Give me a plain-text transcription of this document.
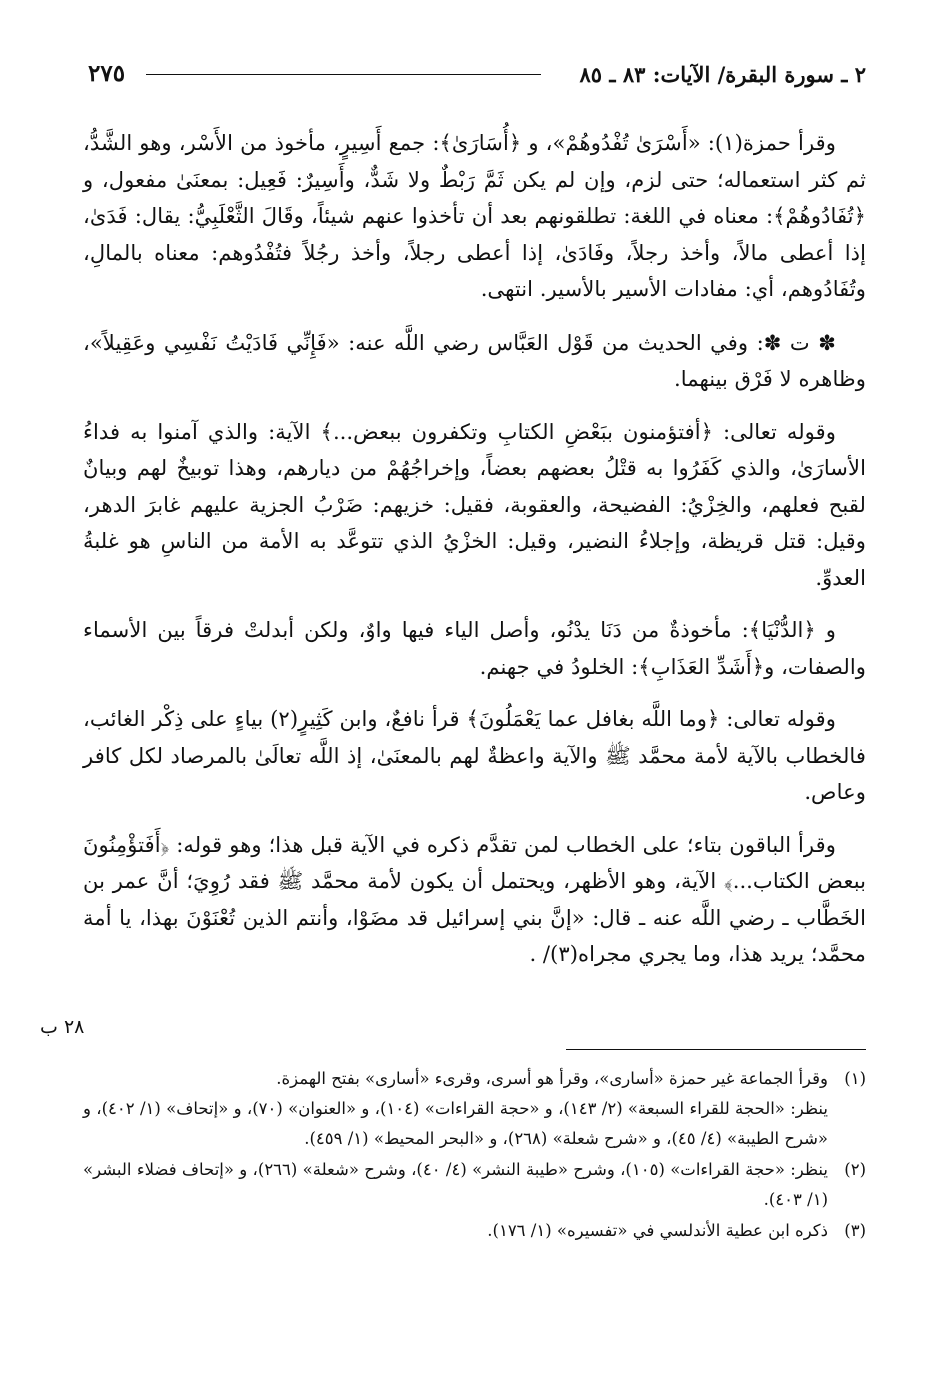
٢ ـ سورة البقرة/ الآيات: ٨٣ ـ ٨٥
٢٧٥

وقرأ حمزة(١): «أَسْرَىٰ تُفْدُوهُمْ»، و ﴿أُسَارَىٰ﴾: جمع أَسِيرٍ، مأخوذ من الأَسْر، وهو الشَّدُّ، ثم كثر استعماله؛ حتى لزم، وإن لم يكن ثَمَّ رَبْطٌ ولا شَدٌّ، وأَسِيرٌ: فَعِيل: بمعنَىٰ مفعول، و ﴿تُفَادُوهُمْ﴾: معناه في اللغة: تطلقونهم بعد أن تأخذوا عنهم شيئاً، وقَالَ الثَّعْلَبِيُّ: يقال: فَدَىٰ، إذا أعطى مالاً، وأخذ رجلاً، وفَادَىٰ، إذا أعطى رجلاً، وأخذ رجُلاً فتُفْدُوهم: معناه بالمالِ، وتُفَادُوهم، أي: مفادات الأسير بالأسير. انتهى.

✽ ت ✽: وفي الحديث من قَوْل العَبَّاس رضي اللَّه عنه: «فَإِنِّي فَادَيْتُ نَفْسِي وعَقِيلاً»، وظاهره لا فَرْق بينهما.

وقوله تعالى: ﴿أفتؤمنون ببَعْضِ الكتابِ وتكفرون ببعض...﴾ الآية: والذي آمنوا به فداءُ الأسارَىٰ، والذي كَفَرُوا به قتْلُ بعضهم بعضاً، وإخراجُهُمْ من ديارهم، وهذا توبيخٌ لهم وبيانٌ لقبح فعلهم، والخِزْيُ: الفضيحة، والعقوبة، فقيل: خزيهم: ضَرْبُ الجزية عليهم غابرَ الدهر، وقيل: قتل قريظة، وإجلاءُ النضير، وقيل: الخزْيُ الذي تتوعَّد به الأمة من الناسِ هو غلبةُ العدوِّ.

و ﴿الدُّنْيَا﴾: مأخوذةٌ من دَنَا يدْنُو، وأصل الياء فيها واوٌ، ولكن أبدلتْ فرقاً بين الأسماء والصفات، و﴿أَشَدِّ العَذَابِ﴾: الخلودُ في جهنم.

وقوله تعالى: ﴿وما اللَّه بغافل عما يَعْمَلُونَ﴾ قرأ نافعٌ، وابن كَثِيرٍ(٢) بياءٍ على ذِكْر الغائب، فالخطاب بالآية لأمة محمَّد ﷺ والآية واعظةٌ لهم بالمعنَىٰ، إذ اللَّه تعالَىٰ بالمرصاد لكل كافر وعاص.

وقرأ الباقون بتاء؛ على الخطاب لمن تقدَّم ذكره في الآية قبل هذا؛ وهو قوله: ﴿أَفَتؤْمِنُونَ ببعض الكتاب...﴾ الآية، وهو الأظهر، ويحتمل أن يكون لأمة محمَّد ﷺ فقد رُوِيَ؛ أنَّ عمر بن الخَطَّاب ـ رضي اللَّه عنه ـ قال: «إنَّ بني إسرائيل قد مضَوْا، وأنتم الذين تُعْنَوْنَ بهذا، يا أمة محمَّد؛ يريد هذا، وما يجري مجراه(٣)/ .

٢٨ ب
(١)
وقرأ الجماعة غير حمزة «أسارى»، وقرأ هو أسرى، وقرىء «أسارى» بفتح الهمزة.
ينظر: «الحجة للقراء السبعة» (٢/ ١٤٣)، و «حجة القراءات» (١٠٤)، و «العنوان» (٧٠)، و «إتحاف» (١/ ٤٠٢)، و «شرح الطيبة» (٤/ ٤٥)، و «شرح شعلة» (٢٦٨)، و «البحر المحيط» (١/ ٤٥٩).
(٢)
ينظر: «حجة القراءات» (١٠٥)، وشرح «طيبة النشر» (٤/ ٤٠)، وشرح «شعلة» (٢٦٦)، و «إتحاف فضلاء البشر» (١/ ٤٠٣).
(٣)
ذكره ابن عطية الأندلسي في «تفسيره» (١/ ١٧٦).
